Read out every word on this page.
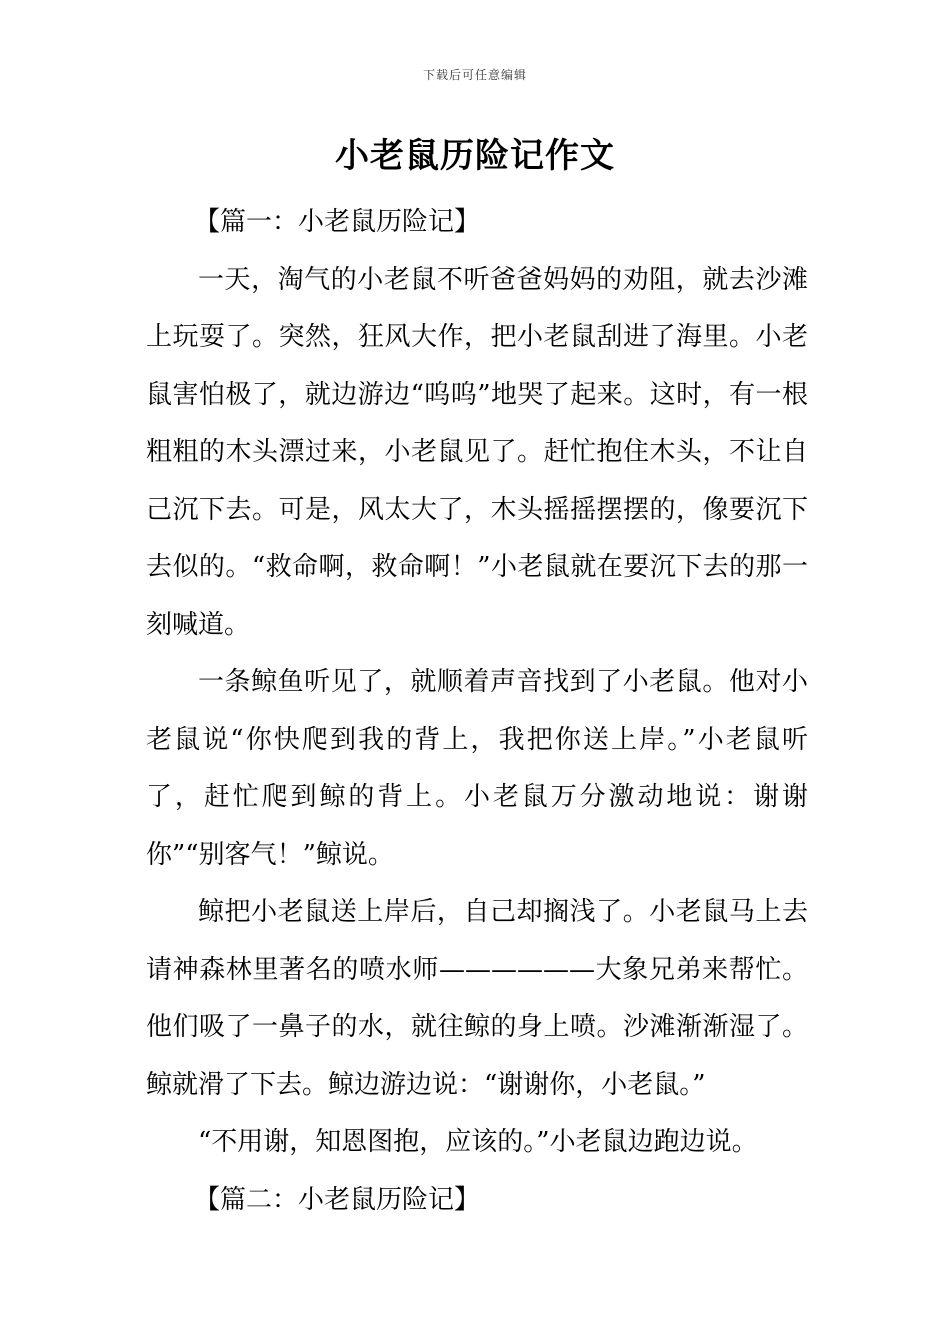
下载后可任意编辑
小老鼠历险记作文

【篇一：小老鼠历险记】

一天，淘气的小老鼠不听爸爸妈妈的劝阻，就去沙滩上玩耍了。突然，狂风大作，把小老鼠刮进了海里。小老鼠害怕极了，就边游边“呜呜”地哭了起来。这时，有一根粗粗的木头漂过来，小老鼠见了。赶忙抱住木头，不让自己沉下去。可是，风太大了，木头摇摇摆摆的，像要沉下去似的。“救命啊，救命啊！”小老鼠就在要沉下去的那一刻喊道。

一条鲸鱼听见了，就顺着声音找到了小老鼠。他对小老鼠说“你快爬到我的背上，我把你送上岸。”小老鼠听了，赶忙爬到鲸的背上。小老鼠万分激动地说：谢谢你”“别客气！”鲸说。

鲸把小老鼠送上岸后，自己却搁浅了。小老鼠马上去请神森林里著名的喷水师——————大象兄弟来帮忙。他们吸了一鼻子的水，就往鲸的身上喷。沙滩渐渐湿了。鲸就滑了下去。鲸边游边说：“谢谢你，小老鼠。”

“不用谢，知恩图抱，应该的。”小老鼠边跑边说。

【篇二：小老鼠历险记】
